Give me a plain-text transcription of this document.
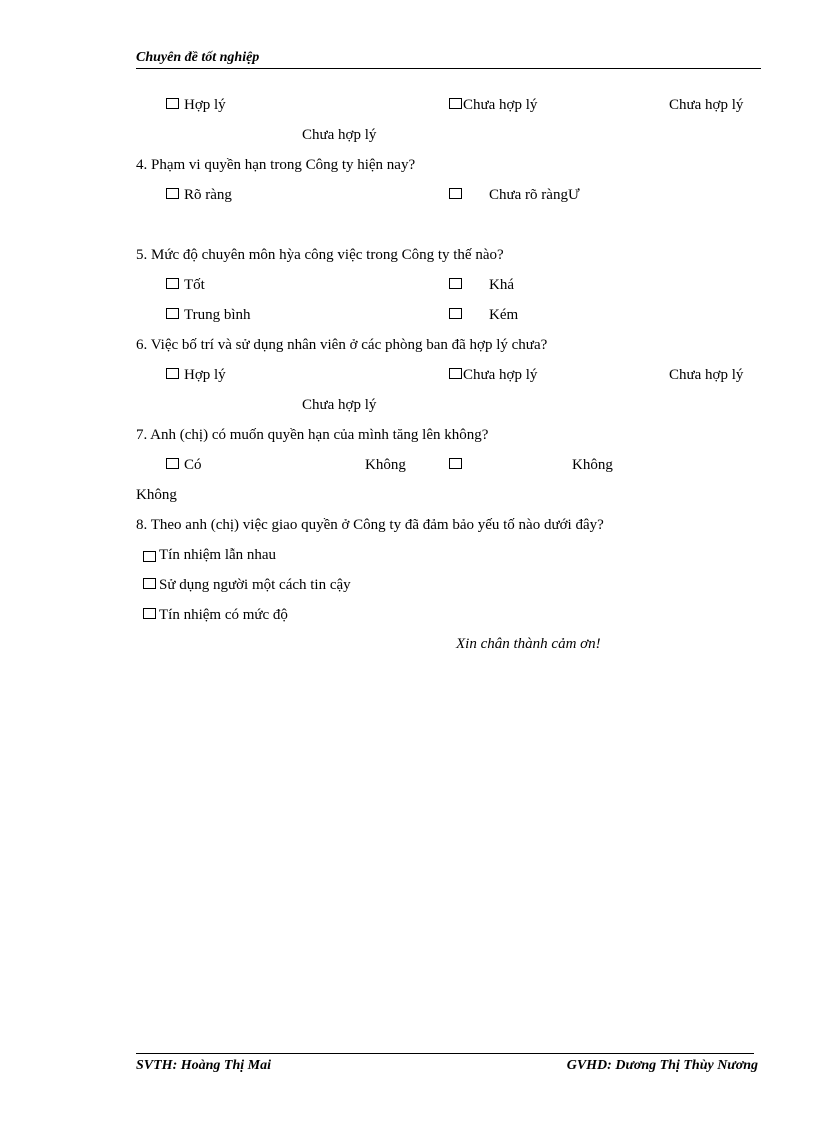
Chuyên đề tốt nghiệp
Hợp lý	Chưa hợp lý	Chưa hợp lý
Chưa hợp lý
4. Phạm vi quyền hạn trong Công ty hiện nay?
Rõ ràng	Chưa rõ ràngƯ
5. Mức độ chuyên môn hỳa công việc trong Công ty thế nào?
Tốt	Khá
Trung bình	Kém
6. Việc bố trí và sử dụng nhân viên ở các phòng ban đã hợp lý chưa?
Hợp lý	Chưa hợp lý	Chưa hợp lý
Chưa hợp lý
7. Anh (chị) có muốn quyền hạn của mình tăng lên không?
Có	Không	Không
Không
8. Theo anh (chị) việc giao quyền ở Công ty đã đảm bảo yếu tố nào dưới đây?
Tín nhiệm lẫn nhau
Sử dụng người một cách tin cậy
Tín nhiệm có mức độ
Xin chân thành cảm ơn!
SVTH: Hoàng Thị Mai	GVHD: Dương Thị Thùy Nương
